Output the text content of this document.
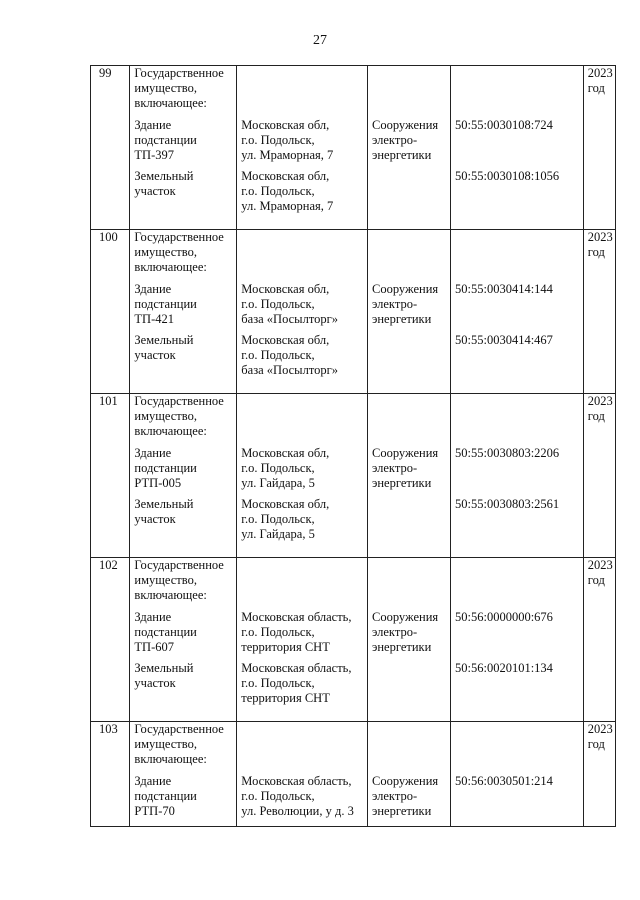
27
99	Государственное
имущество,
включающее:				2023
год

	Здание
подстанции
ТП-397	Московская обл,
г.о. Подольск,
ул. Мраморная, 7	Сооружения
электро-
энергетики	50:55:0030108:724	

	Земельный
участок	Московская обл,
г.о. Подольск,
ул. Мраморная, 7		50:55:0030108:1056	

100	Государственное
имущество,
включающее:				2023
год

	Здание
подстанции
ТП-421	Московская обл,
г.о. Подольск,
база «Посылторг»	Сооружения
электро-
энергетики	50:55:0030414:144	

	Земельный
участок	Московская обл,
г.о. Подольск,
база «Посылторг»		50:55:0030414:467	

101	Государственное
имущество,
включающее:				2023
год

	Здание
подстанции
РТП-005	Московская обл,
г.о. Подольск,
ул. Гайдара, 5	Сооружения
электро-
энергетики	50:55:0030803:2206	

	Земельный
участок	Московская обл,
г.о. Подольск,
ул. Гайдара, 5		50:55:0030803:2561	

102	Государственное
имущество,
включающее:				2023
год

	Здание
подстанции
ТП-607	Московская область,
г.о. Подольск,
территория СНТ	Сооружения
электро-
энергетики	50:56:0000000:676	

	Земельный
участок	Московская область,
г.о. Подольск,
территория СНТ		50:56:0020101:134	

103	Государственное
имущество,
включающее:				2023
год

	Здание
подстанции
РТП-70	Московская область,
г.о. Подольск,
ул. Революции, у д. 3	Сооружения
электро-
энергетики	50:56:0030501:214	
